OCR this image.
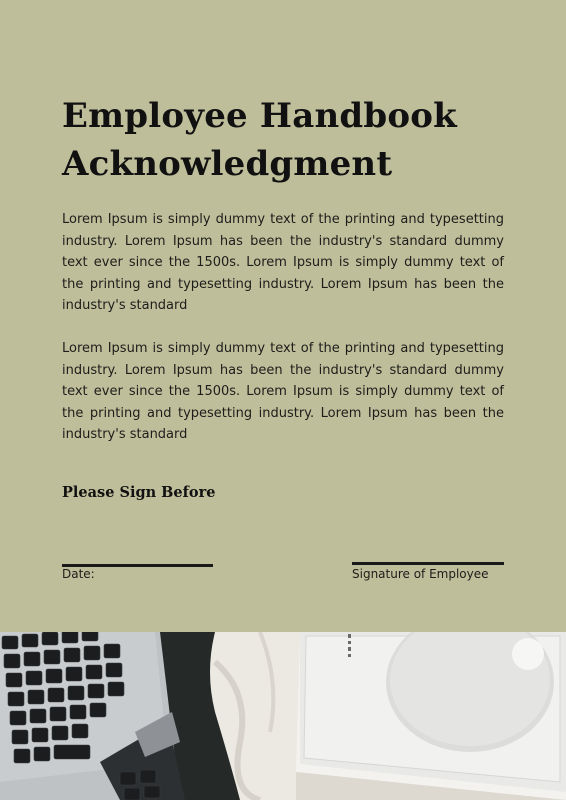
Employee Handbook Acknowledgment

Lorem Ipsum is simply dummy text of the printing and typesetting industry. Lorem Ipsum has been the industry's standard dummy text ever since the 1500s. Lorem Ipsum is simply dummy text of the printing and typesetting industry. Lorem Ipsum has been the industry's standard

Lorem Ipsum is simply dummy text of the printing and typesetting industry. Lorem Ipsum has been the industry's standard dummy text ever since the 1500s. Lorem Ipsum is simply dummy text of the printing and typesetting industry. Lorem Ipsum has been the industry's standard

Please Sign Before

Date:	Signature of Employee
